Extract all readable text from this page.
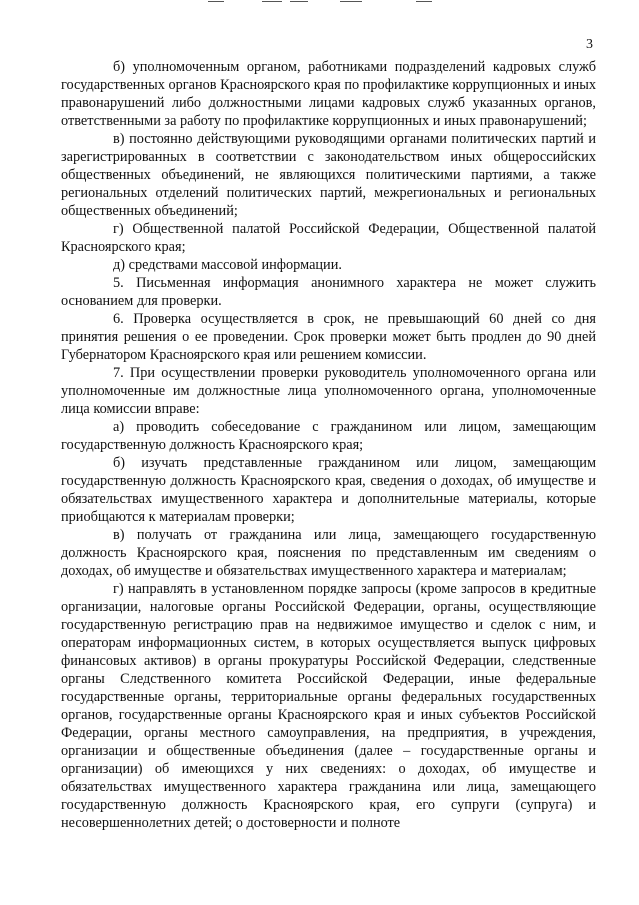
3

б) уполномоченным органом, работниками подразделений кадровых служб государственных органов Красноярского края по профилактике коррупционных и иных правонарушений либо должностными лицами кадровых служб указанных органов, ответственными за работу по профилактике коррупционных и иных правонарушений;

в) постоянно действующими руководящими органами политических партий и зарегистрированных в соответствии с законодательством иных общероссийских общественных объединений, не являющихся политическими партиями, а также региональных отделений политических партий, межрегиональных и региональных общественных объединений;

г) Общественной палатой Российской Федерации, Общественной палатой Красноярского края;

д) средствами массовой информации.

5. Письменная информация анонимного характера не может служить основанием для проверки.

6. Проверка осуществляется в срок, не превышающий 60 дней со дня принятия решения о ее проведении. Срок проверки может быть продлен до 90 дней Губернатором Красноярского края или решением комиссии.

7. При осуществлении проверки руководитель уполномоченного органа или уполномоченные им должностные лица уполномоченного органа, уполномоченные лица комиссии вправе:

а) проводить собеседование с гражданином или лицом, замещающим государственную должность Красноярского края;

б) изучать представленные гражданином или лицом, замещающим государственную должность Красноярского края, сведения о доходах, об имуществе и обязательствах имущественного характера и дополнительные материалы, которые приобщаются к материалам проверки;

в) получать от гражданина или лица, замещающего государственную должность Красноярского края, пояснения по представленным им сведениям о доходах, об имуществе и обязательствах имущественного характера и материалам;

г) направлять в установленном порядке запросы (кроме запросов в кредитные организации, налоговые органы Российской Федерации, органы, осуществляющие государственную регистрацию прав на недвижимое имущество и сделок с ним, и операторам информационных систем, в которых осуществляется выпуск цифровых финансовых активов) в органы прокуратуры Российской Федерации, следственные органы Следственного комитета Российской Федерации, иные федеральные государственные органы, территориальные органы федеральных государственных органов, государственные органы Красноярского края и иных субъектов Российской Федерации, органы местного самоуправления, на предприятия, в учреждения, организации и общественные объединения (далее – государственные органы и организации) об имеющихся у них сведениях: о доходах, об имуществе и обязательствах имущественного характера гражданина или лица, замещающего государственную должность Красноярского края, его супруги (супруга) и несовершеннолетних детей; о достоверности и полноте
